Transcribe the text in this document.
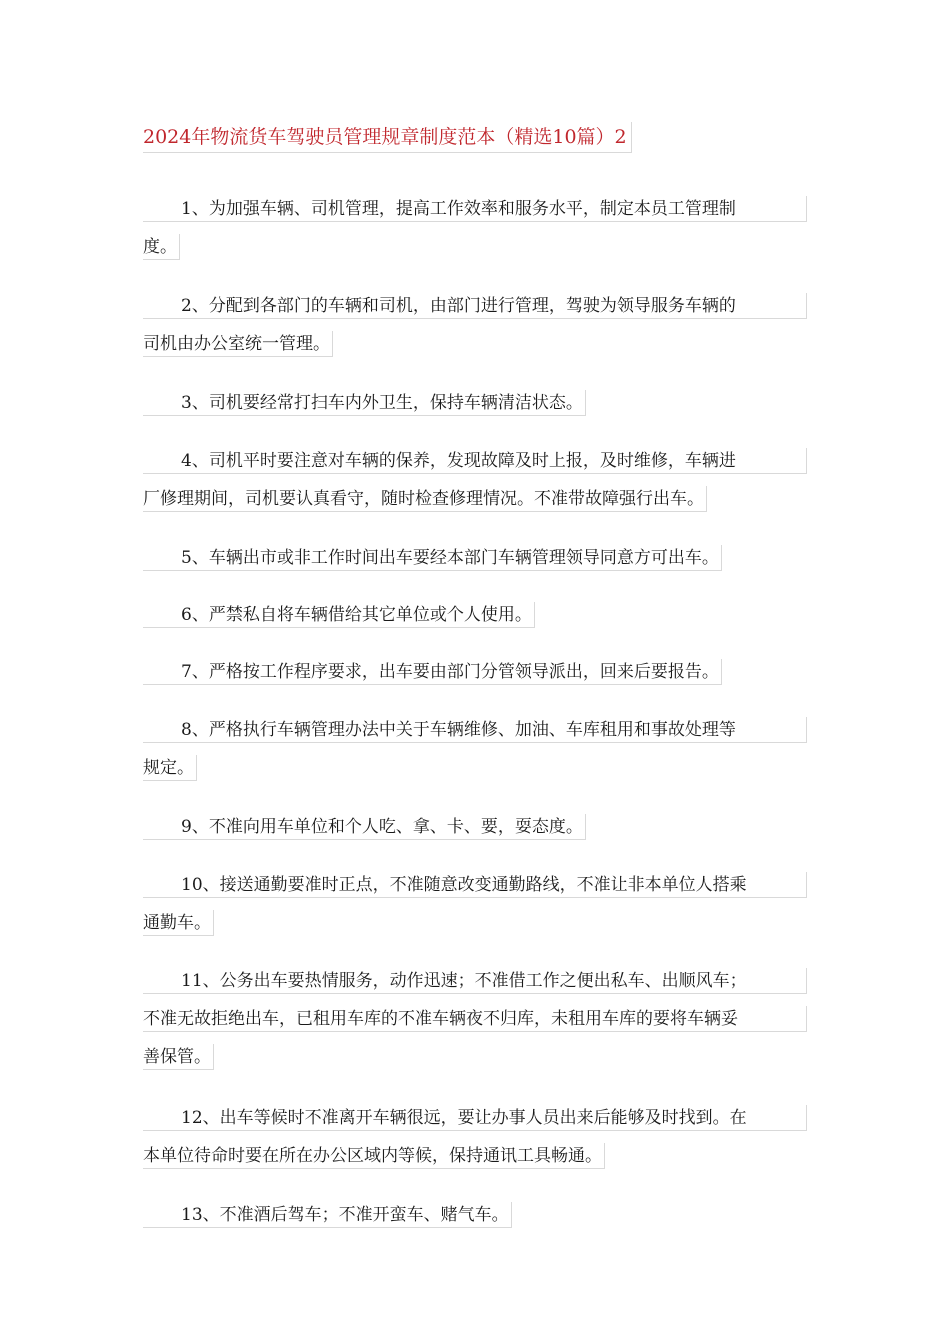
2024年物流货车驾驶员管理规章制度范本（精选10篇）2
1、为加强车辆、司机管理，提高工作效率和服务水平，制定本员工管理制
度。
2、分配到各部门的车辆和司机，由部门进行管理，驾驶为领导服务车辆的
司机由办公室统一管理。
3、司机要经常打扫车内外卫生，保持车辆清洁状态。
4、司机平时要注意对车辆的保养，发现故障及时上报，及时维修，车辆进
厂修理期间，司机要认真看守，随时检查修理情况。不准带故障强行出车。
5、车辆出市或非工作时间出车要经本部门车辆管理领导同意方可出车。
6、严禁私自将车辆借给其它单位或个人使用。
7、严格按工作程序要求，出车要由部门分管领导派出，回来后要报告。
8、严格执行车辆管理办法中关于车辆维修、加油、车库租用和事故处理等
规定。
9、不准向用车单位和个人吃、拿、卡、要，耍态度。
10、接送通勤要准时正点，不准随意改变通勤路线，不准让非本单位人搭乘
通勤车。
11、公务出车要热情服务，动作迅速；不准借工作之便出私车、出顺风车；
不准无故拒绝出车，已租用车库的不准车辆夜不归库，未租用车库的要将车辆妥
善保管。
12、出车等候时不准离开车辆很远，要让办事人员出来后能够及时找到。在
本单位待命时要在所在办公区域内等候，保持通讯工具畅通。
13、不准酒后驾车；不准开蛮车、赌气车。
